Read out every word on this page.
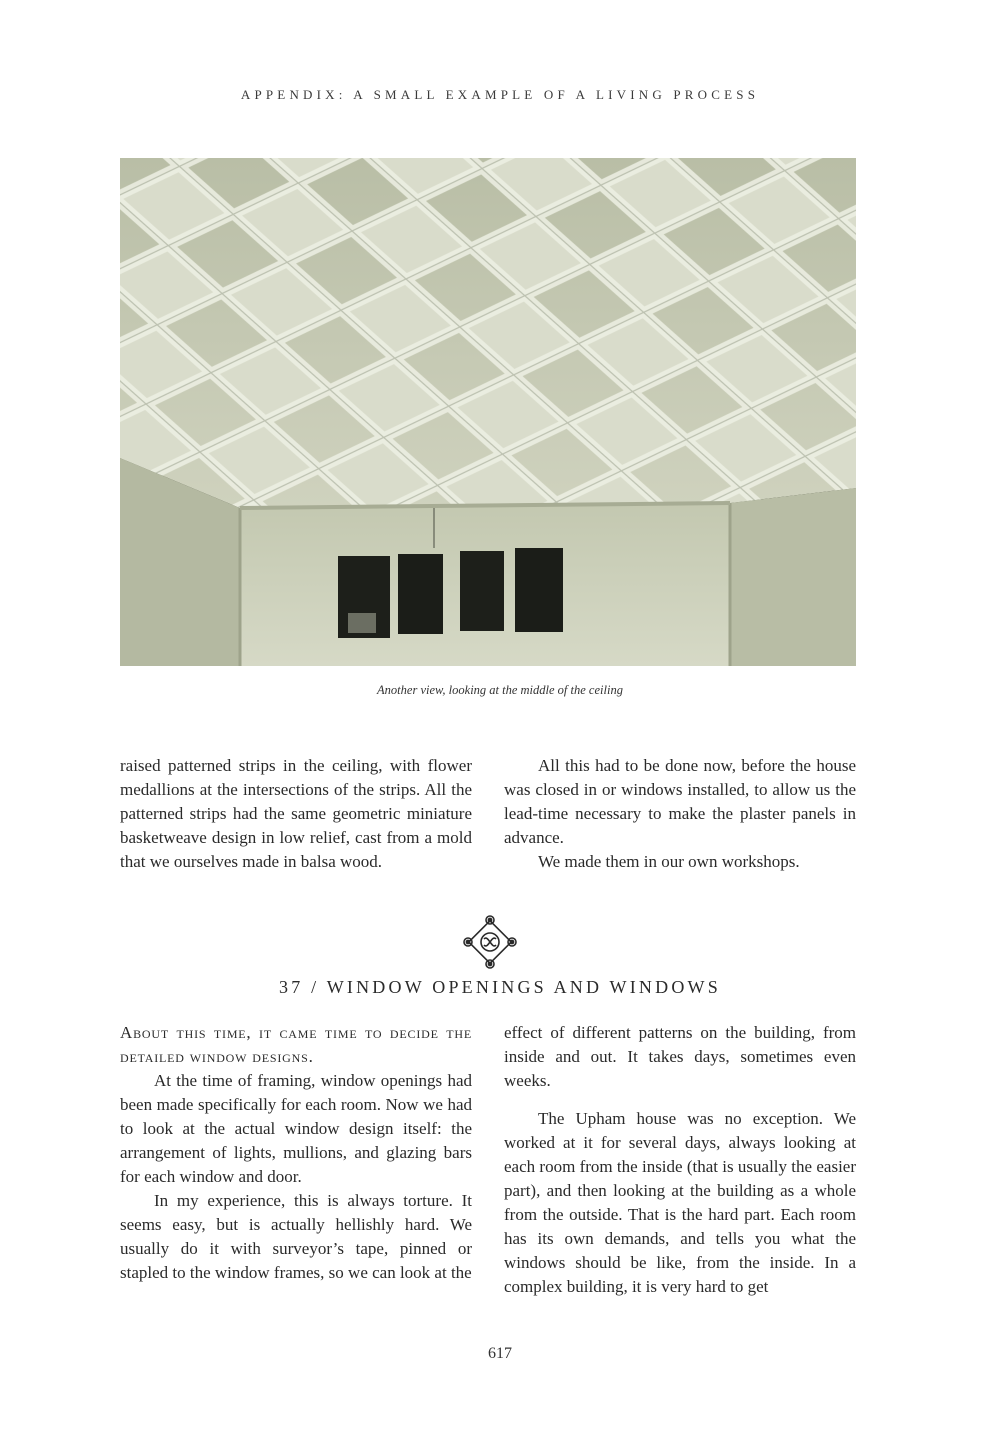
APPENDIX: A SMALL EXAMPLE OF A LIVING PROCESS
Another view, looking at the middle of the ceiling

raised patterned strips in the ceiling, with flower medallions at the intersections of the strips. All the patterned strips had the same geometric miniature basketweave design in low relief, cast from a mold that we ourselves made in balsa wood.

All this had to be done now, before the house was closed in or windows installed, to allow us the lead-time necessary to make the plaster panels in advance.

We made them in our own workshops.

37 / WINDOW OPENINGS AND WINDOWS

About this time, it came time to decide the detailed window designs.

At the time of framing, window openings had been made specifically for each room. Now we had to look at the actual window design itself: the arrangement of lights, mullions, and glazing bars for each window and door.

In my experience, this is always torture. It seems easy, but is actually hellishly hard. We usually do it with surveyor’s tape, pinned or stapled to the window frames, so we can look at the

effect of different patterns on the building, from inside and out. It takes days, sometimes even weeks.

The Upham house was no exception. We worked at it for several days, always looking at each room from the inside (that is usually the easier part), and then looking at the building as a whole from the outside. That is the hard part. Each room has its own demands, and tells you what the windows should be like, from the inside. In a complex building, it is very hard to get

617
